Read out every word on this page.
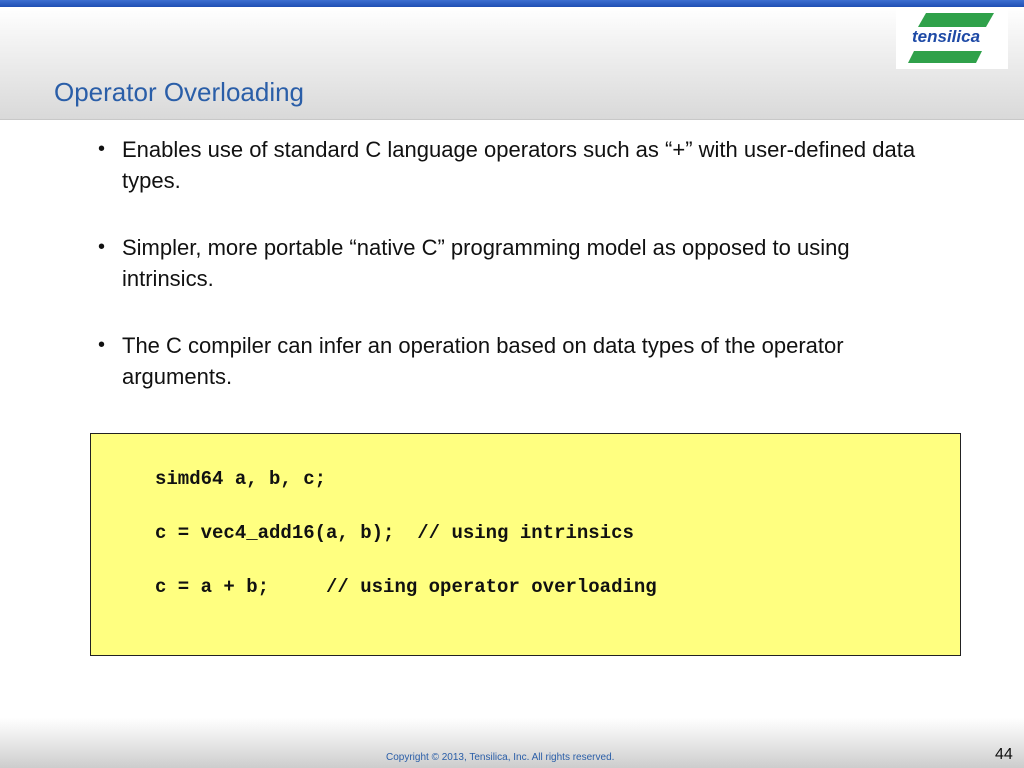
Operator Overloading
tensilica
• Enables use of standard C language operators such as “+” with user-defined data types.
• Simpler, more portable “native C” programming model as opposed to using intrinsics.
• The C compiler can infer an operation based on data types of the operator arguments.

simd64 a, b, c;

c = vec4_add16(a, b);  // using intrinsics

c = a + b;     // using operator overloading

Copyright © 2013, Tensilica, Inc. All rights reserved.	44
